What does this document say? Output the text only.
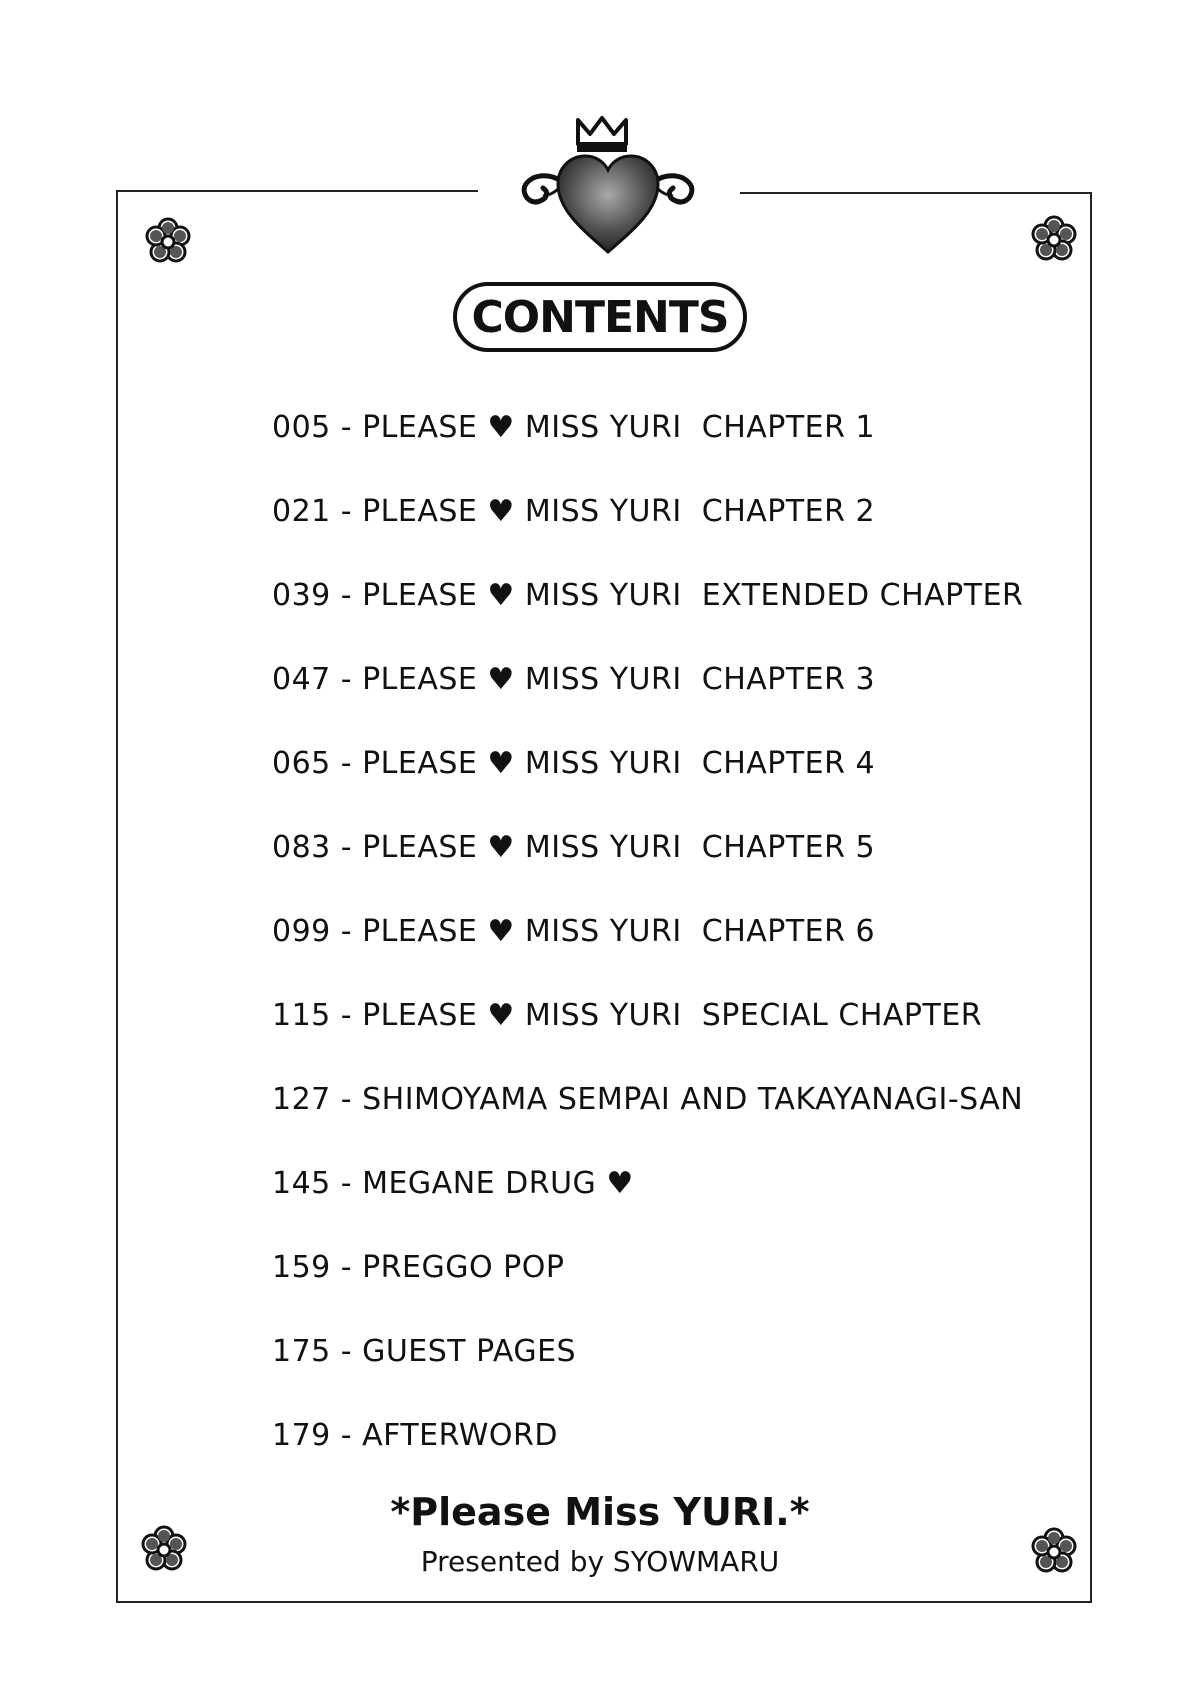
CONTENTS
005 - PLEASE ♥ MISS YURI  CHAPTER 1
021 - PLEASE ♥ MISS YURI  CHAPTER 2
039 - PLEASE ♥ MISS YURI  EXTENDED CHAPTER
047 - PLEASE ♥ MISS YURI  CHAPTER 3
065 - PLEASE ♥ MISS YURI  CHAPTER 4
083 - PLEASE ♥ MISS YURI  CHAPTER 5
099 - PLEASE ♥ MISS YURI  CHAPTER 6
115 - PLEASE ♥ MISS YURI  SPECIAL CHAPTER
127 - SHIMOYAMA SEMPAI AND TAKAYANAGI-SAN
145 - MEGANE DRUG ♥
159 - PREGGO POP
175 - GUEST PAGES
179 - AFTERWORD
*Please Miss YURI.*
Presented by SYOWMARU
